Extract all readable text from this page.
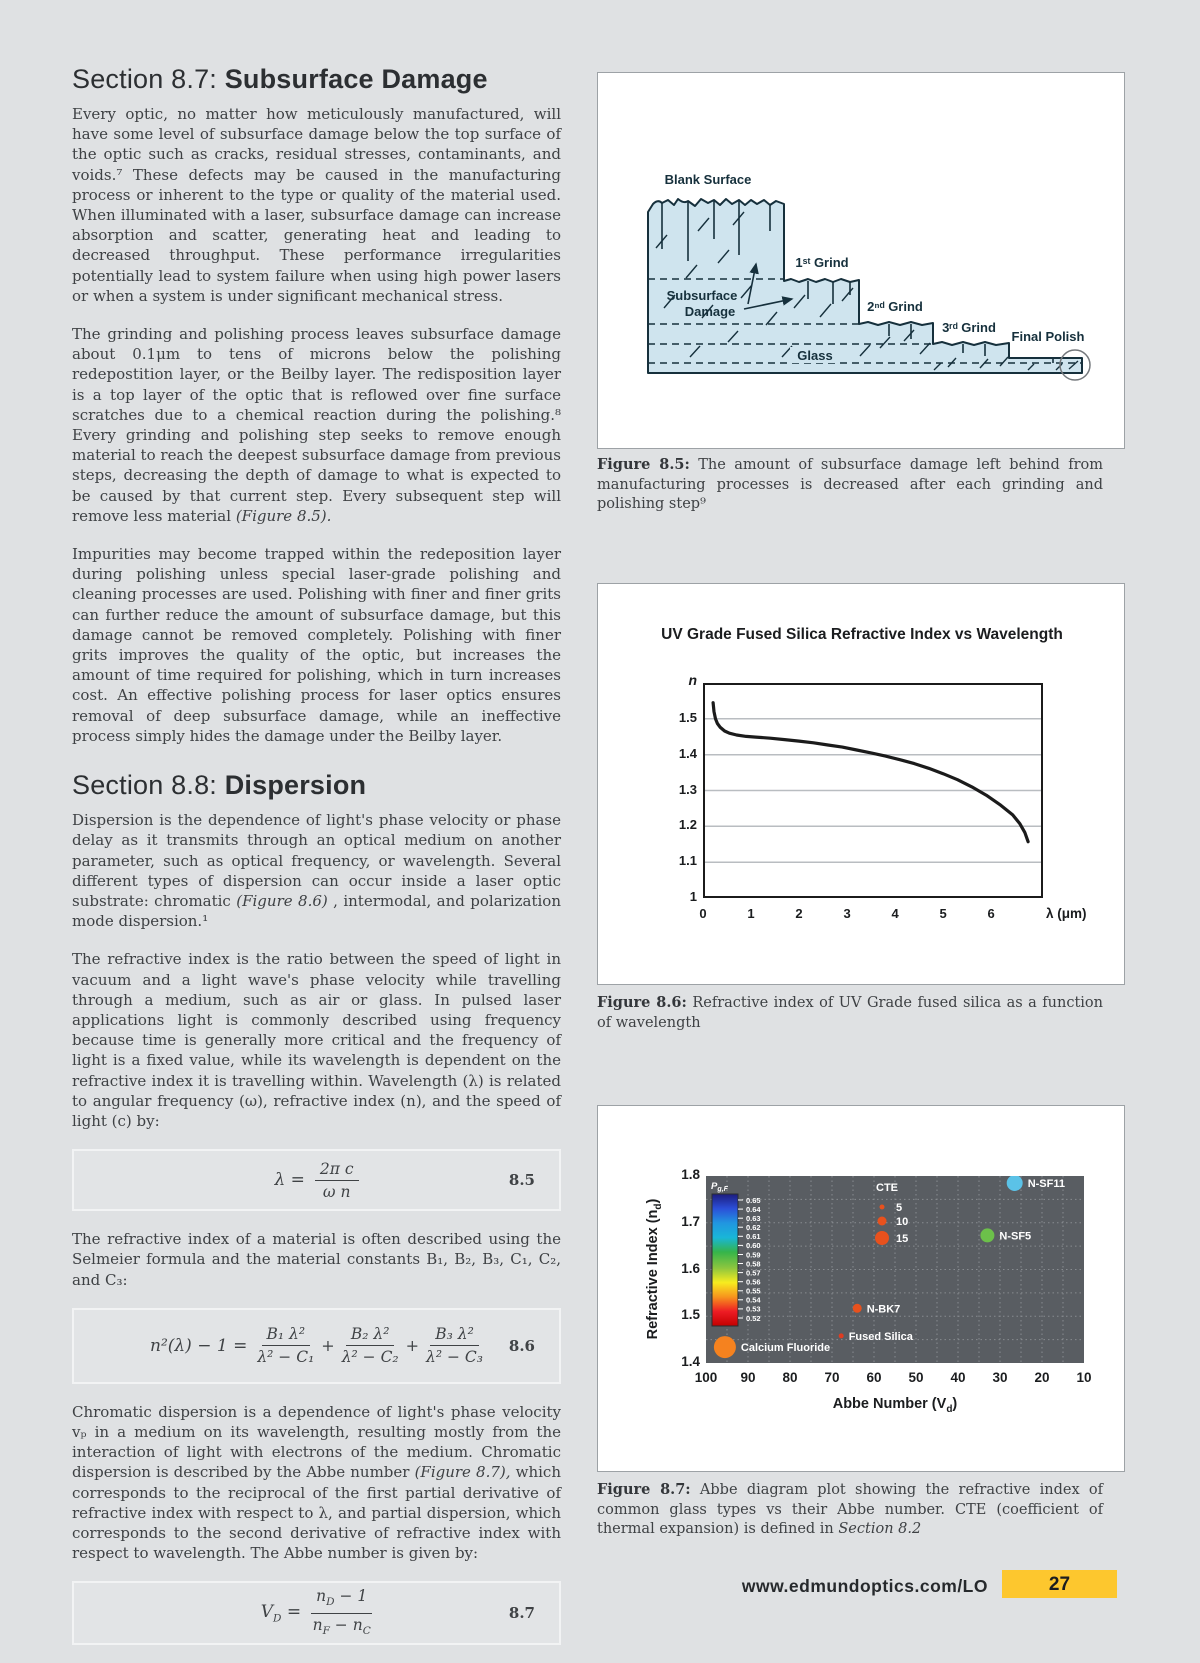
Section 8.7: Subsurface Damage

Every optic, no matter how meticulously manufactured, will have some level of subsurface damage below the top surface of the optic such as cracks, residual stresses, contaminants, and voids.⁷ These defects may be caused in the manufacturing process or inherent to the type or quality of the material used. When illuminated with a laser, subsurface damage can increase absorption and scatter, generating heat and leading to decreased throughput. These performance irregularities potentially lead to system failure when using high power lasers or when a system is under significant mechanical stress.

The grinding and polishing process leaves subsurface damage about 0.1μm to tens of microns below the polishing redepostition layer, or the Beilby layer. The redisposition layer is a top layer of the optic that is reflowed over fine surface scratches due to a chemical reaction during the polishing.⁸ Every grinding and polishing step seeks to remove enough material to reach the deepest subsurface damage from previous steps, decreasing the depth of damage to what is expected to be caused by that current step. Every subsequent step will remove less material (Figure 8.5).

Impurities may become trapped within the redeposition layer during polishing unless special laser-grade polishing and cleaning processes are used. Polishing with finer and finer grits can further reduce the amount of subsurface damage, but this damage cannot be removed completely. Polishing with finer grits improves the quality of the optic, but increases the amount of time required for polishing, which in turn increases cost. An effective polishing process for laser optics ensures removal of deep subsurface damage, while an ineffective process simply hides the damage under the Beilby layer.

Section 8.8: Dispersion

Dispersion is the dependence of light's phase velocity or phase delay as it transmits through an optical medium on another parameter, such as optical frequency, or wavelength. Several different types of dispersion can occur inside a laser optic substrate: chromatic (Figure 8.6) , intermodal, and polarization mode dispersion.¹

The refractive index is the ratio between the speed of light in vacuum and a light wave's phase velocity while travelling through a medium, such as air or glass. In pulsed laser applications light is commonly described using frequency because time is generally more critical and the frequency of light is a fixed value, while its wavelength is dependent on the refractive index it is travelling within. Wavelength (λ) is related to angular frequency (ω), refractive index (n), and the speed of light (c) by:

$\lambda = \frac{\text{2π c}}{\text{ω n}}$	8.5

The refractive index of a material is often described using the Selmeier formula and the material constants B₁, B₂, B₃, C₁, C₂, and C₃:

$n^2(\lambda) - 1 = \frac{\text{B₁ λ²}}{\text{λ² − C₁}} + \frac{\text{B₂ λ²}}{\text{λ² − C₂}} + \frac{\text{B₃ λ²}}{\text{λ² − C₃}} 8.6$

Chromatic dispersion is a dependence of light's phase velocity vₚ in a medium on its wavelength, resulting mostly from the interaction of light with electrons of the medium. Chromatic dispersion is described by the Abbe number (Figure 8.7), which corresponds to the reciprocal of the first partial derivative of refractive index with respect to λ, and partial dispersion, which corresponds to the second derivative of refractive index with respect to wavelength. The Abbe number is given by:

$V_D = \frac{n_D - 1}{n_F - n_C}$	8.7
Blank Surface
1ˢᵗ Grind
2ⁿᵈ Grind
3ʳᵈ Grind
Final Polish
Subsurface
Damage
Glass
Figure 8.5: The amount of subsurface damage left behind from manufacturing processes is decreased after each grinding and polishing step⁹
UV Grade Fused Silica Refractive Index vs Wavelength
n
1.5
1.4
1.3
1.2
1.1
1
0	1	2	3	4	5	6	λ (μm)
Figure 8.6: Refractive index of UV Grade fused silica as a function of wavelength
Refractive Index $(n_d)$
Pg,F
0.65
0.64
0.63
0.62
0.61
0.60
0.59
0.58
0.57
0.56
0.55
0.54
0.53
0.52
CTE
5
10
15
N-SF11
N-SF5
N-BK7
Fused Silica
Calcium Fluoride
1.8
1.7
1.6
1.5
1.4
100	90	80	70	60	50	40	30	20	10
Abbe Number $(V_d)$
Figure 8.7: Abbe diagram plot showing the refractive index of common glass types vs their Abbe number. CTE (coefficient of thermal expansion) is defined in Section 8.2
www.edmundoptics.com/LO	27
